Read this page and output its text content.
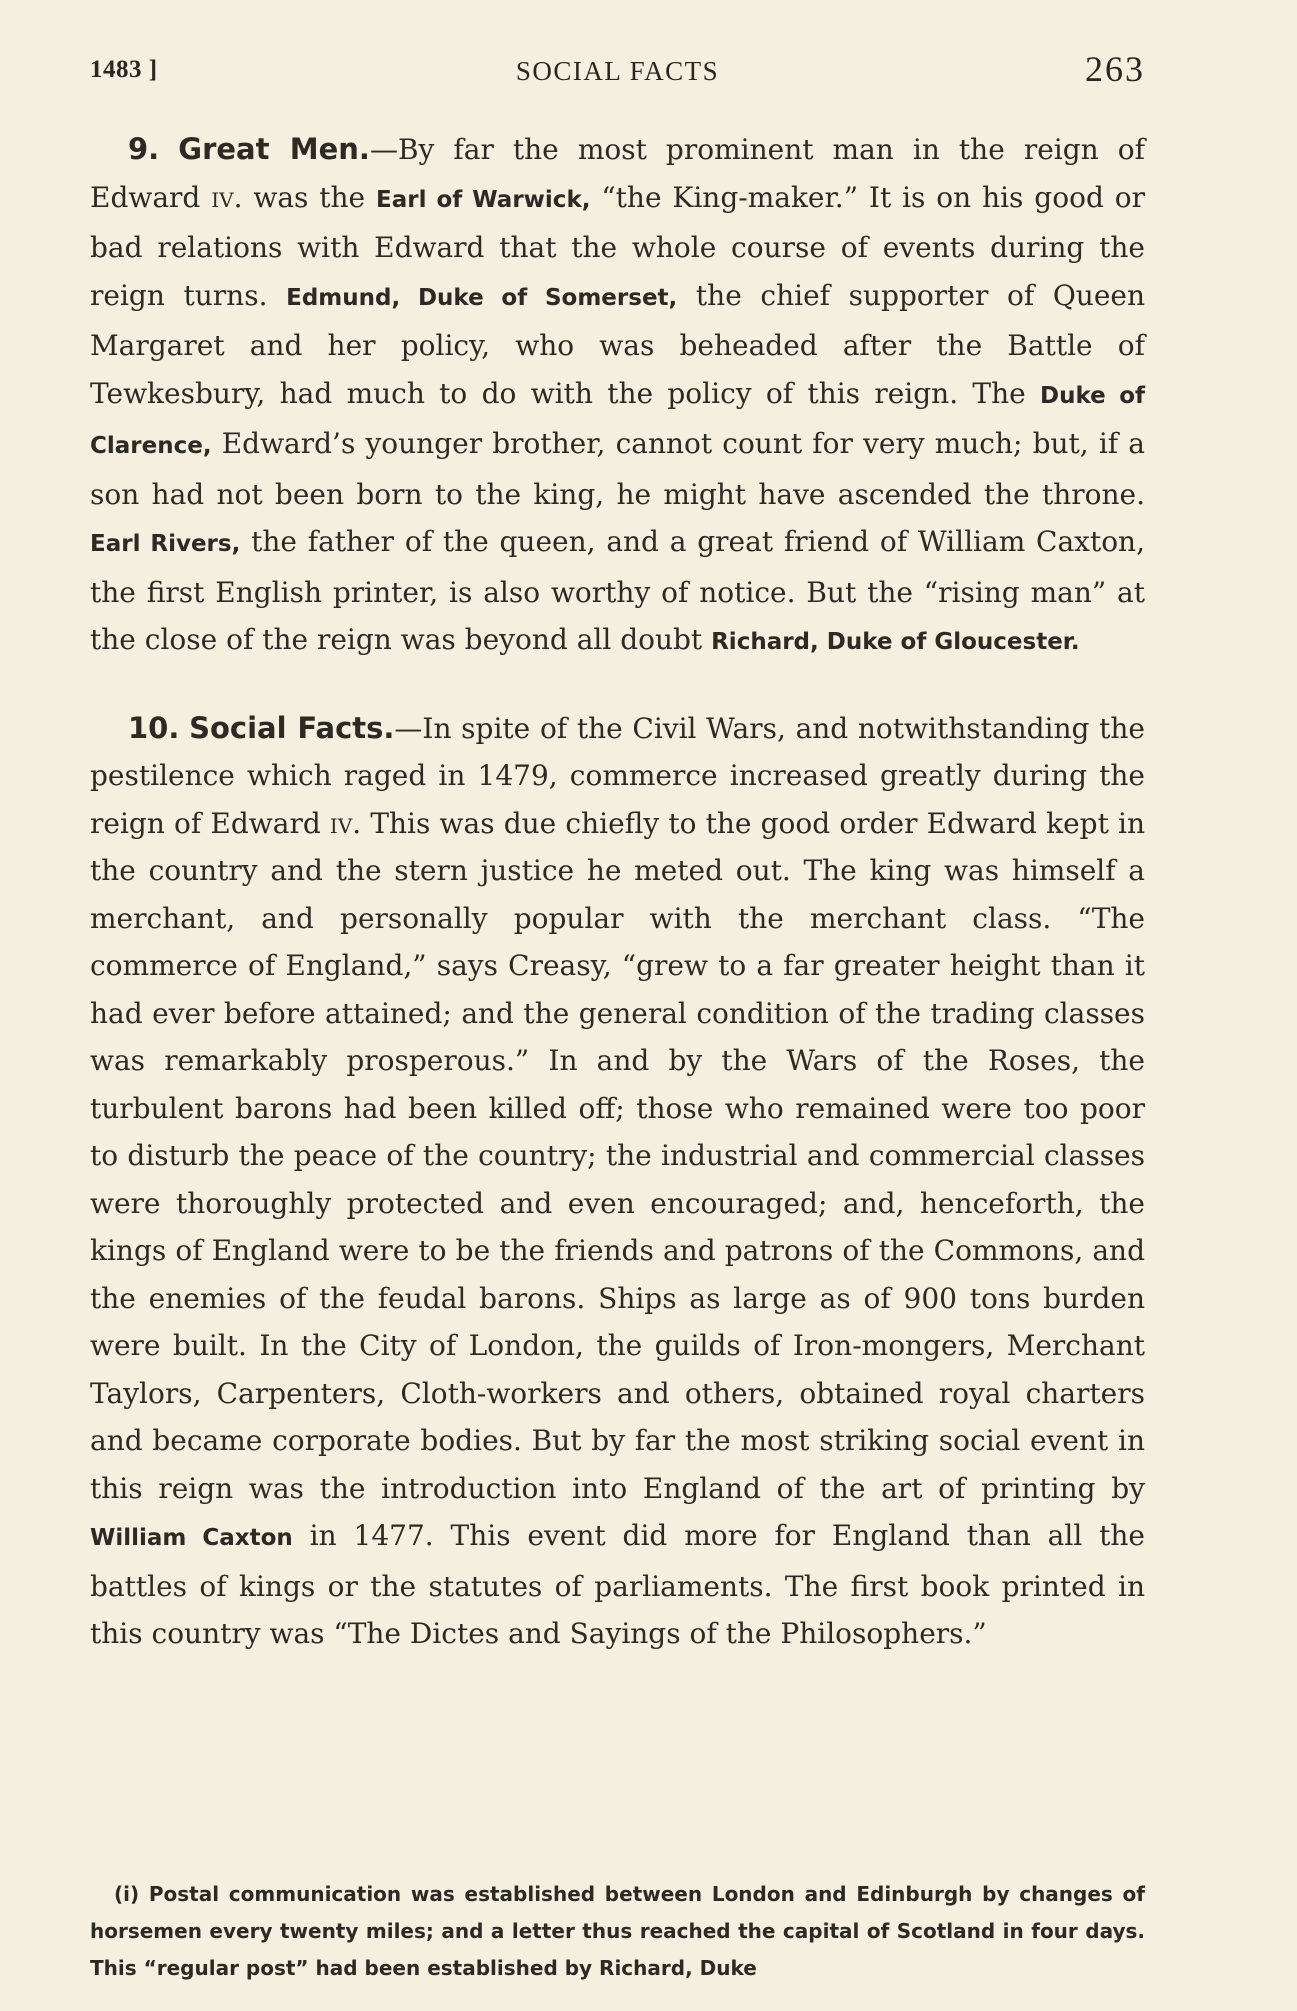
1483 ]	SOCIAL FACTS	263

9. Great Men.—By far the most prominent man in the reign of Edward iv. was the Earl of Warwick, “the King-maker.” It is on his good or bad relations with Edward that the whole course of events during the reign turns. Edmund, Duke of Somerset, the chief supporter of Queen Margaret and her policy, who was beheaded after the Battle of Tewkesbury, had much to do with the policy of this reign. The Duke of Clarence, Edward’s younger brother, cannot count for very much; but, if a son had not been born to the king, he might have ascended the throne. Earl Rivers, the father of the queen, and a great friend of William Caxton, the first English printer, is also worthy of notice. But the “rising man” at the close of the reign was beyond all doubt Richard, Duke of Gloucester.

10. Social Facts.—In spite of the Civil Wars, and notwithstanding the pestilence which raged in 1479, commerce increased greatly during the reign of Edward iv. This was due chiefly to the good order Edward kept in the country and the stern justice he meted out. The king was himself a merchant, and personally popular with the merchant class. “The commerce of England,” says Creasy, “grew to a far greater height than it had ever before attained; and the general condition of the trading classes was remarkably prosperous.” In and by the Wars of the Roses, the turbulent barons had been killed off; those who remained were too poor to disturb the peace of the country; the industrial and commercial classes were thoroughly protected and even encouraged; and, henceforth, the kings of England were to be the friends and patrons of the Commons, and the enemies of the feudal barons. Ships as large as of 900 tons burden were built. In the City of London, the guilds of Iron-mongers, Merchant Taylors, Carpenters, Cloth-workers and others, obtained royal charters and became corporate bodies. But by far the most striking social event in this reign was the introduction into England of the art of printing by William Caxton in 1477. This event did more for England than all the battles of kings or the statutes of parliaments. The first book printed in this country was “The Dictes and Sayings of the Philosophers.”

(i) Postal communication was established between London and Edinburgh by changes of horsemen every twenty miles; and a letter thus reached the capital of Scotland in four days. This “regular post” had been established by Richard, Duke
